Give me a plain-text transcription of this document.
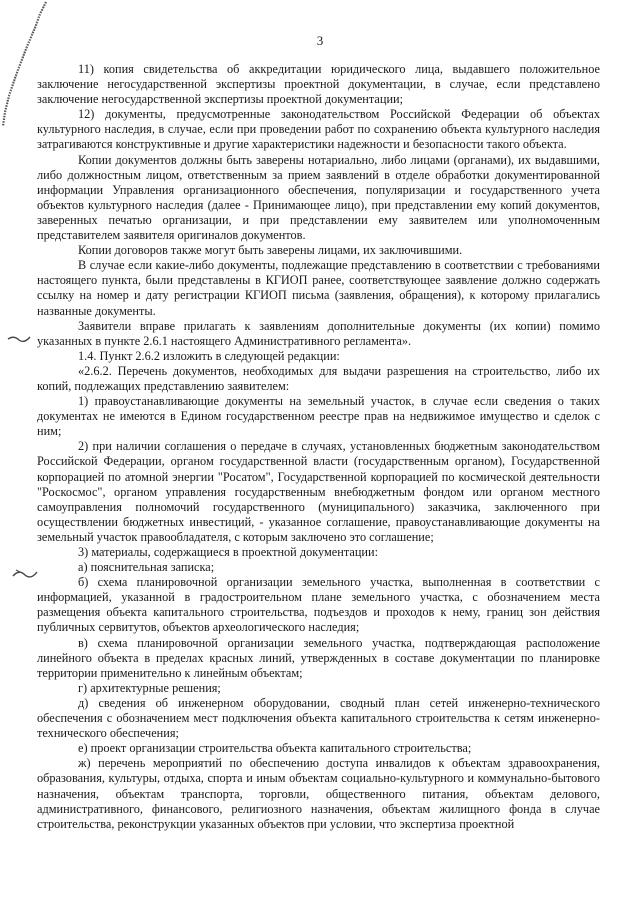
3

11) копия свидетельства об аккредитации юридического лица, выдавшего положительное заключение негосударственной экспертизы проектной документации, в случае, если представлено заключение негосударственной экспертизы проектной документации;

12) документы, предусмотренные законодательством Российской Федерации об объектах культурного наследия, в случае, если при проведении работ по сохранению объекта культурного наследия затрагиваются конструктивные и другие характеристики надежности и безопасности такого объекта.

Копии документов должны быть заверены нотариально, либо лицами (органами), их выдавшими, либо должностным лицом, ответственным за прием заявлений в отделе обработки документированной информации Управления организационного обеспечения, популяризации и государственного учета объектов культурного наследия (далее - Принимающее лицо), при представлении ему копий документов, заверенных печатью организации, и при представлении ему заявителем или уполномоченным представителем заявителя оригиналов документов.

Копии договоров также могут быть заверены лицами, их заключившими.

В случае если какие-либо документы, подлежащие представлению в соответствии с требованиями настоящего пункта, были представлены в КГИОП ранее, соответствующее заявление должно содержать ссылку на номер и дату регистрации КГИОП письма (заявления, обращения), к которому прилагались названные документы.

Заявители вправе прилагать к заявлениям дополнительные документы (их копии) помимо указанных в пункте 2.6.1 настоящего Административного регламента».

1.4. Пункт 2.6.2 изложить в следующей редакции:

«2.6.2. Перечень документов, необходимых для выдачи разрешения на строительство, либо их копий, подлежащих представлению заявителем:

1) правоустанавливающие документы на земельный участок, в случае если сведения о таких документах не имеются в Едином государственном реестре прав на недвижимое имущество и сделок с ним;

2) при наличии соглашения о передаче в случаях, установленных бюджетным законодательством Российской Федерации, органом государственной власти (государственным органом), Государственной корпорацией по атомной энергии "Росатом", Государственной корпорацией по космической деятельности "Роскосмос", органом управления государственным внебюджетным фондом или органом местного самоуправления полномочий государственного (муниципального) заказчика, заключенного при осуществлении бюджетных инвестиций, - указанное соглашение, правоустанавливающие документы на земельный участок правообладателя, с которым заключено это соглашение;

3) материалы, содержащиеся в проектной документации:

а) пояснительная записка;

б) схема планировочной организации земельного участка, выполненная в соответствии с информацией, указанной в градостроительном плане земельного участка, с обозначением места размещения объекта капитального строительства, подъездов и проходов к нему, границ зон действия публичных сервитутов, объектов археологического наследия;

в) схема планировочной организации земельного участка, подтверждающая расположение линейного объекта в пределах красных линий, утвержденных в составе документации по планировке территории применительно к линейным объектам;

г) архитектурные решения;

д) сведения об инженерном оборудовании, сводный план сетей инженерно-технического обеспечения с обозначением мест подключения объекта капитального строительства к сетям инженерно-технического обеспечения;

е) проект организации строительства объекта капитального строительства;

ж) перечень мероприятий по обеспечению доступа инвалидов к объектам здравоохранения, образования, культуры, отдыха, спорта и иным объектам социально-культурного и коммунально-бытового назначения, объектам транспорта, торговли, общественного питания, объектам делового, административного, финансового, религиозного назначения, объектам жилищного фонда в случае строительства, реконструкции указанных объектов при условии, что экспертиза проектной
